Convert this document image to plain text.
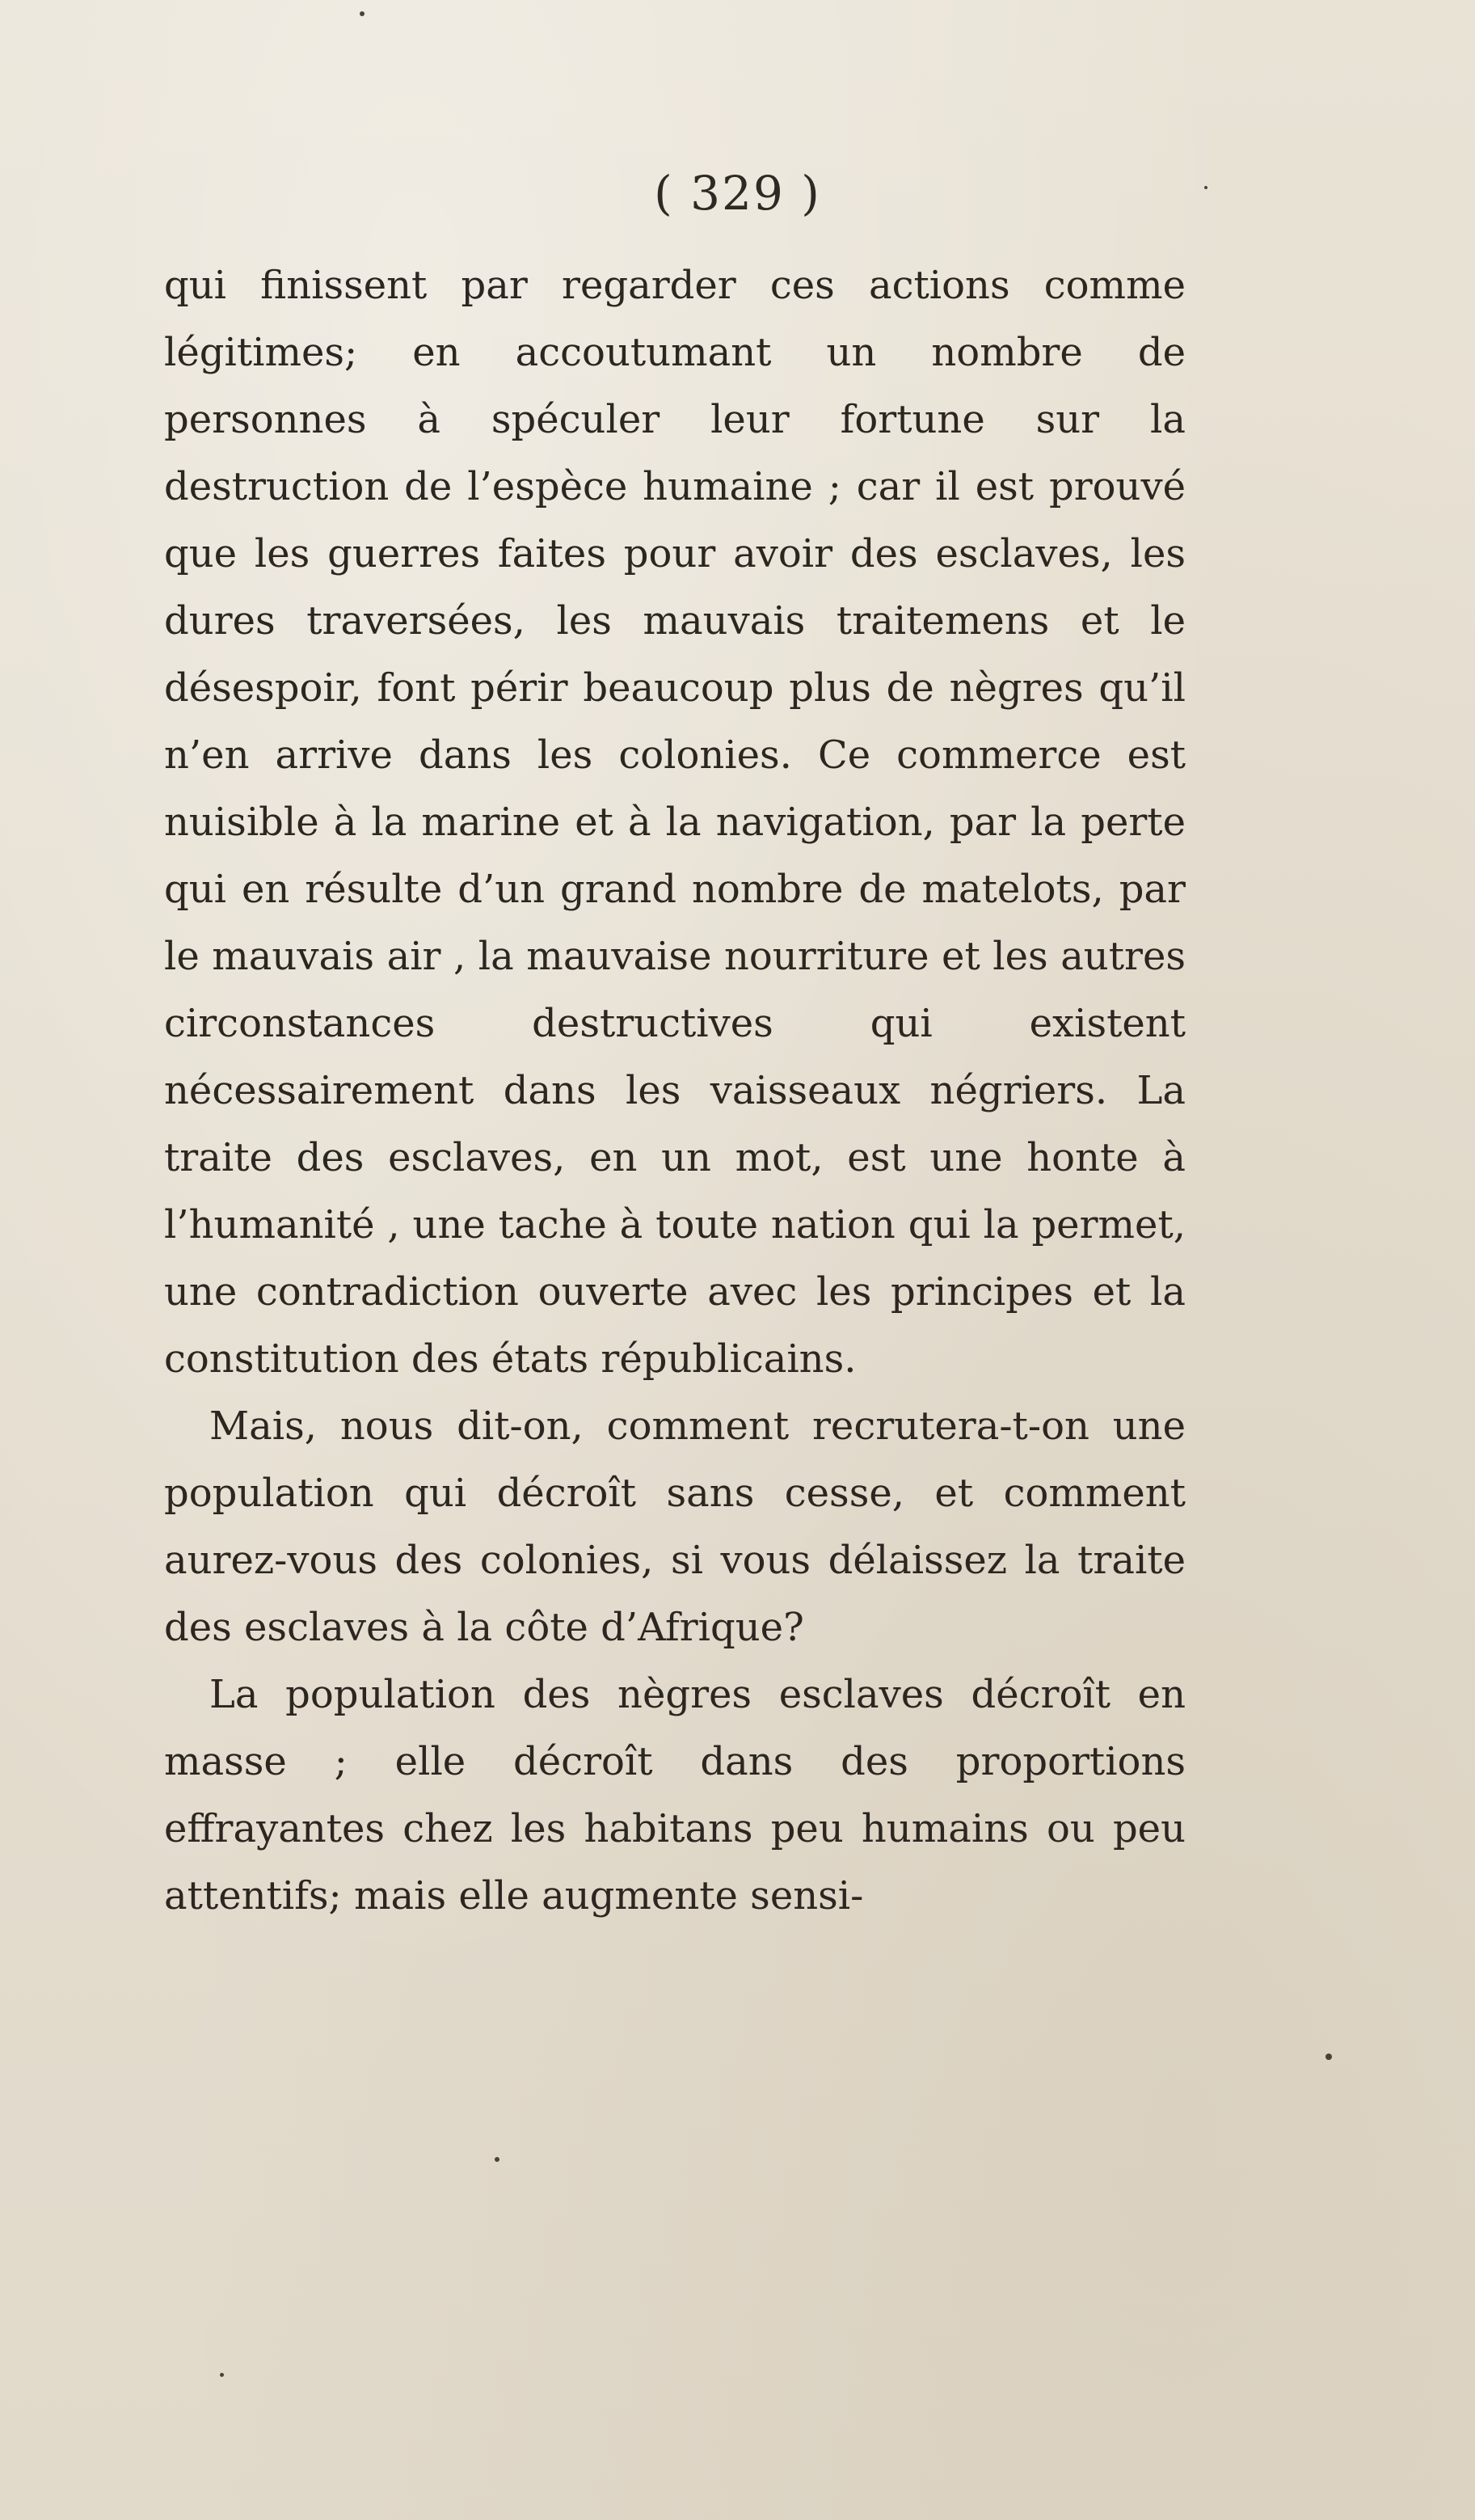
( 329 )

qui finissent par regarder ces actions comme légitimes; en accoutumant un nombre de personnes à spéculer leur fortune sur la destruction de l’espèce humaine ; car il est prouvé que les guerres faites pour avoir des esclaves, les dures traversées, les mauvais traitemens et le désespoir, font périr beaucoup plus de nègres qu’il n’en arrive dans les colonies. Ce commerce est nuisible à la marine et à la navigation, par la perte qui en résulte d’un grand nombre de matelots, par le mauvais air , la mauvaise nourriture et les autres circonstances destructives qui existent nécessairement dans les vaisseaux négriers. La traite des esclaves, en un mot, est une honte à l’humanité , une tache à toute nation qui la permet, une contradiction ouverte avec les principes et la constitution des états républicains.

Mais, nous dit-on, comment recrutera-t-on une population qui décroît sans cesse, et comment aurez-vous des colonies, si vous délaissez la traite des esclaves à la côte d’Afrique?

La population des nègres esclaves décroît en masse ; elle décroît dans des proportions effrayantes chez les habitans peu humains ou peu attentifs; mais elle augmente sensi-
